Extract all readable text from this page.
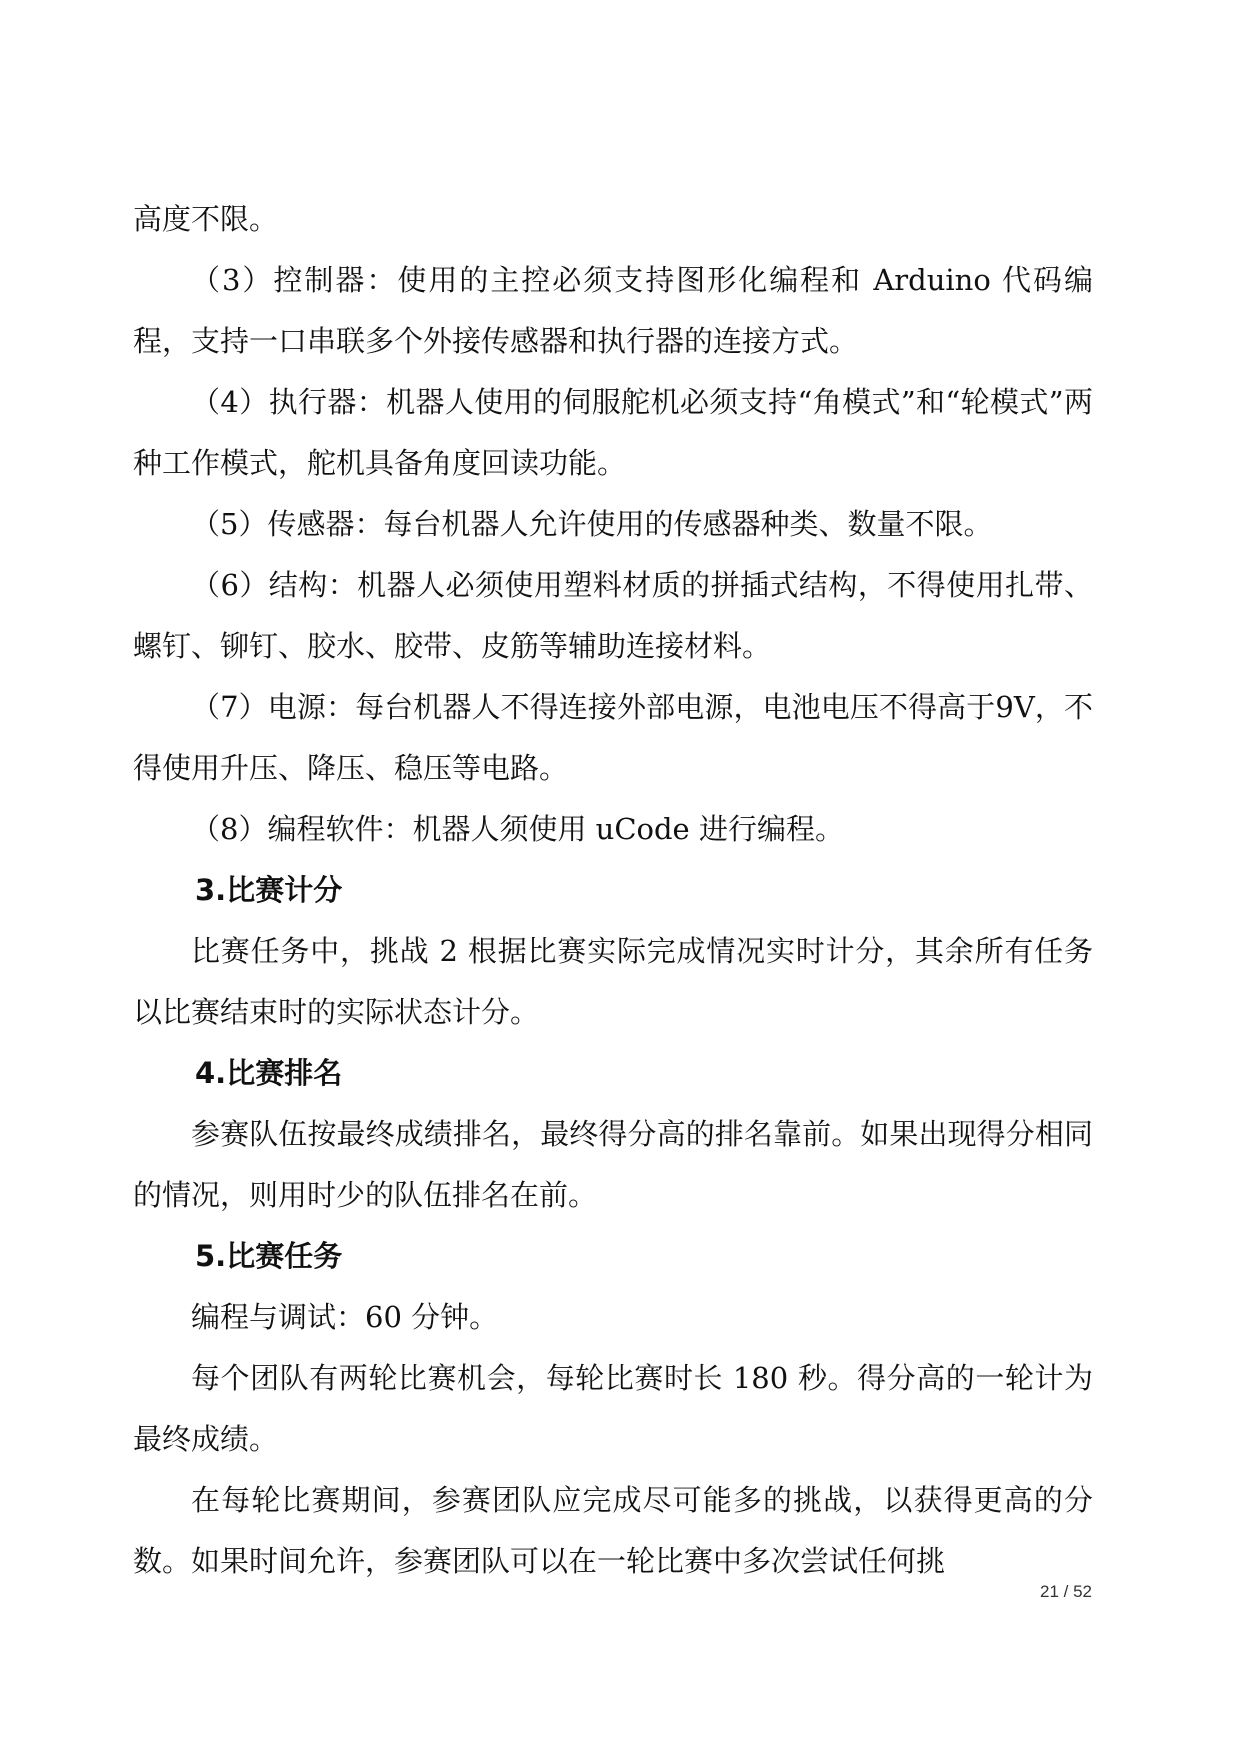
高度不限。

（3）控制器：使用的主控必须支持图形化编程和 Arduino 代码编程，支持一口串联多个外接传感器和执行器的连接方式。

（4）执行器：机器人使用的伺服舵机必须支持“角模式”和“轮模式”两种工作模式，舵机具备角度回读功能。

（5）传感器：每台机器人允许使用的传感器种类、数量不限。

（6）结构：机器人必须使用塑料材质的拼插式结构，不得使用扎带、螺钉、铆钉、胶水、胶带、皮筋等辅助连接材料。

（7）电源：每台机器人不得连接外部电源，电池电压不得高于9V，不得使用升压、降压、稳压等电路。

（8）编程软件：机器人须使用 uCode 进行编程。

3.比赛计分

比赛任务中，挑战 2 根据比赛实际完成情况实时计分，其余所有任务以比赛结束时的实际状态计分。

4.比赛排名

参赛队伍按最终成绩排名，最终得分高的排名靠前。如果出现得分相同的情况，则用时少的队伍排名在前。

5.比赛任务

编程与调试：60 分钟。

每个团队有两轮比赛机会，每轮比赛时长 180 秒。得分高的一轮计为最终成绩。

在每轮比赛期间，参赛团队应完成尽可能多的挑战，以获得更高的分数。如果时间允许，参赛团队可以在一轮比赛中多次尝试任何挑

21 / 52
